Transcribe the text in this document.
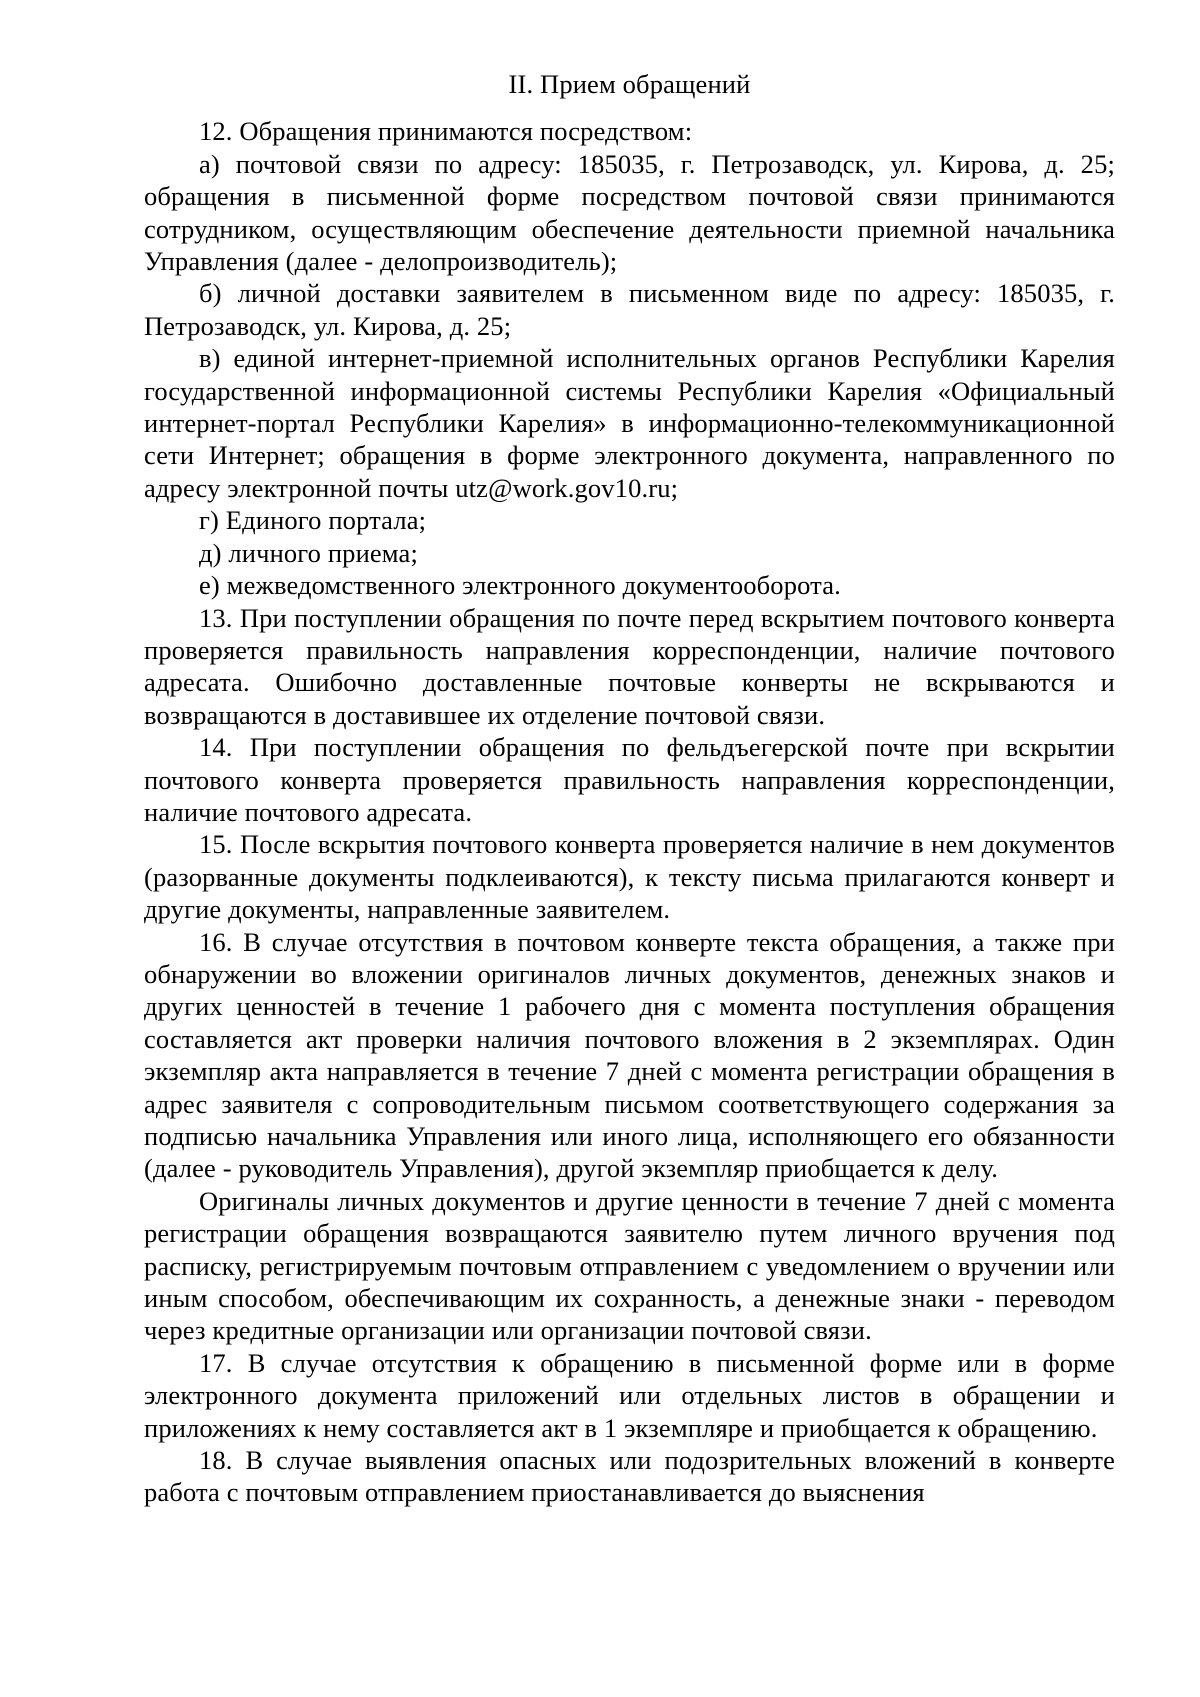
II. Прием обращений

12. Обращения принимаются посредством:

а) почтовой связи по адресу: 185035, г. Петрозаводск, ул. Кирова, д. 25; обращения в письменной форме посредством почтовой связи принимаются сотрудником, осуществляющим обеспечение деятельности приемной начальника Управления (далее - делопроизводитель);

б) личной доставки заявителем в письменном виде по адресу: 185035, г. Петрозаводск, ул. Кирова, д. 25;

в) единой интернет-приемной исполнительных органов Республики Карелия государственной информационной системы Республики Карелия «Официальный интернет-портал Республики Карелия» в информационно-телекоммуникационной сети Интернет; обращения в форме электронного документа, направленного по адресу электронной почты utz@work.gov10.ru;

г) Единого портала;

д) личного приема;

е) межведомственного электронного документооборота.

13. При поступлении обращения по почте перед вскрытием почтового конверта проверяется правильность направления корреспонденции, наличие почтового адресата. Ошибочно доставленные почтовые конверты не вскрываются и возвращаются в доставившее их отделение почтовой связи.

14. При поступлении обращения по фельдъегерской почте при вскрытии почтового конверта проверяется правильность направления корреспонденции, наличие почтового адресата.

15. После вскрытия почтового конверта проверяется наличие в нем документов (разорванные документы подклеиваются), к тексту письма прилагаются конверт и другие документы, направленные заявителем.

16. В случае отсутствия в почтовом конверте текста обращения, а также при обнаружении во вложении оригиналов личных документов, денежных знаков и других ценностей в течение 1 рабочего дня с момента поступления обращения составляется акт проверки наличия почтового вложения в 2 экземплярах. Один экземпляр акта направляется в течение 7 дней с момента регистрации обращения в адрес заявителя с сопроводительным письмом соответствующего содержания за подписью начальника Управления или иного лица, исполняющего его обязанности (далее - руководитель Управления), другой экземпляр приобщается к делу.

Оригиналы личных документов и другие ценности в течение 7 дней с момента регистрации обращения возвращаются заявителю путем личного вручения под расписку, регистрируемым почтовым отправлением с уведомлением о вручении или иным способом, обеспечивающим их сохранность, а денежные знаки - переводом через кредитные организации или организации почтовой связи.

17. В случае отсутствия к обращению в письменной форме или в форме электронного документа приложений или отдельных листов в обращении и приложениях к нему составляется акт в 1 экземпляре и приобщается к обращению.

18. В случае выявления опасных или подозрительных вложений в конверте работа с почтовым отправлением приостанавливается до выяснения
